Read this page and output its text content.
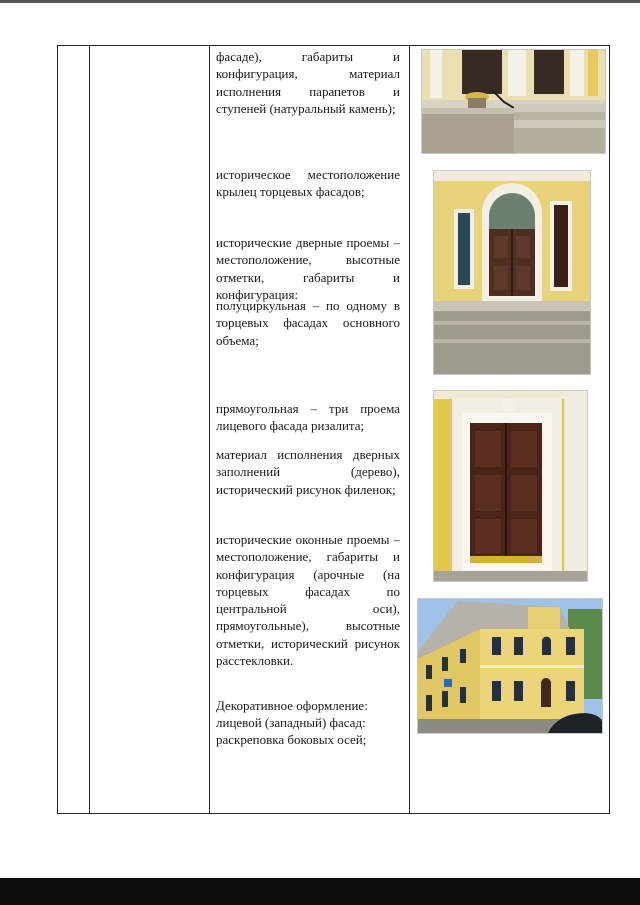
фасаде), габариты и конфигурация, материал исполнения парапетов и ступеней (натуральный камень);

историческое местоположение крылец торцевых фасадов;

исторические дверные проемы – местоположение, высотные отметки, габариты и конфигурация:

полуциркульная – по одному в торцевых фасадах основного объема;

прямоугольная – три проема лицевого фасада ризалита;

материал исполнения дверных заполнений (дерево), исторический рисунок филенок;

исторические оконные проемы – местоположение, габариты и конфигурация (арочные (на торцевых фасадах по центральной оси), прямоугольные), высотные отметки, исторический рисунок расстекловки.

Декоративное оформление:

лицевой (западный) фасад: раскреповка боковых осей;
